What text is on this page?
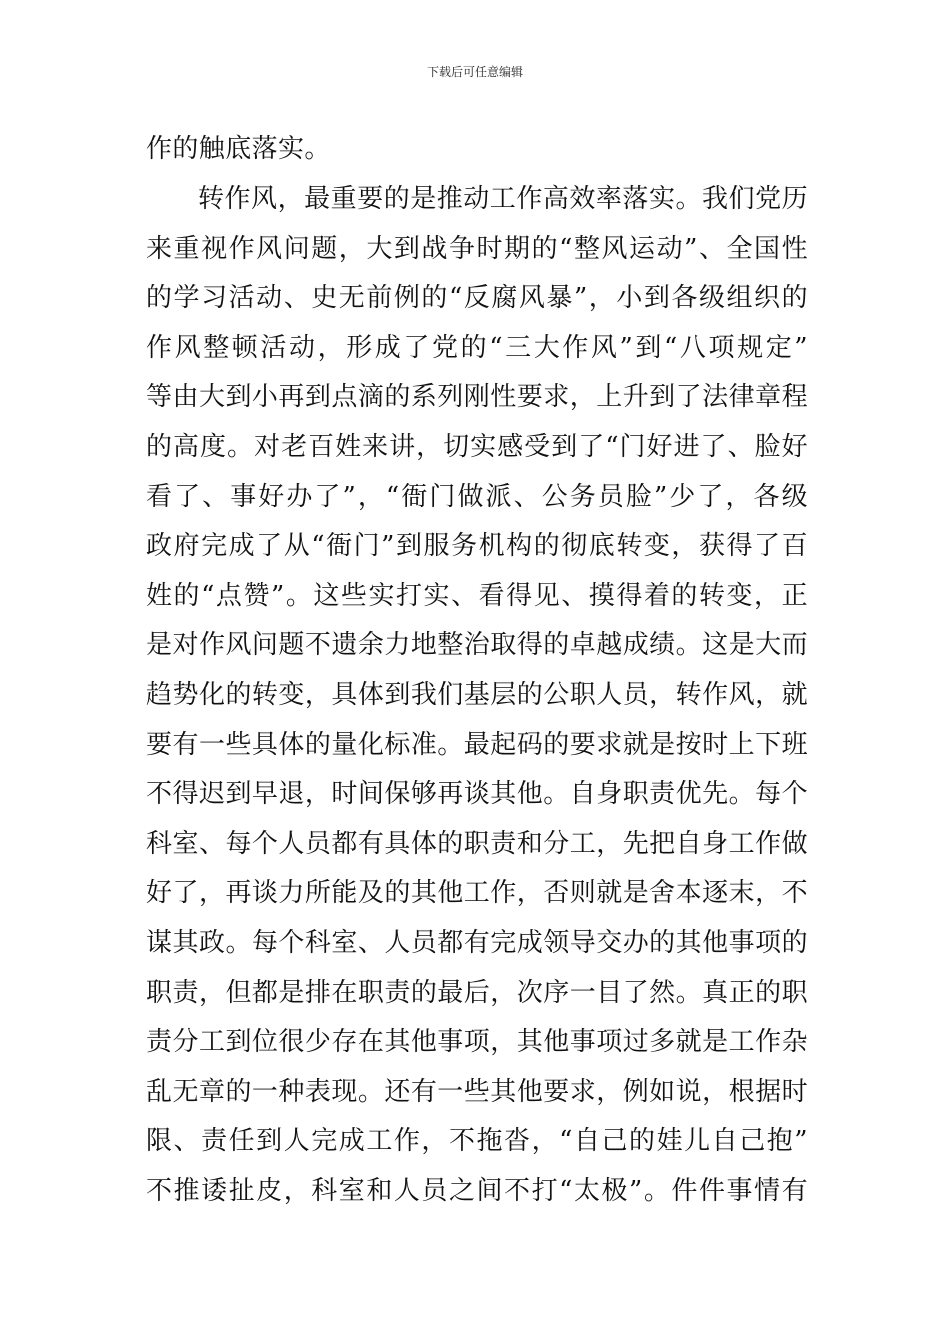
下载后可任意编辑
作的触底落实。
转作风，最重要的是推动工作高效率落实。我们党历
来重视作风问题，大到战争时期的“整风运动”、全国性
的学习活动、史无前例的“反腐风暴”，小到各级组织的
作风整顿活动，形成了党的“三大作风”到“八项规定”
等由大到小再到点滴的系列刚性要求，上升到了法律章程
的高度。对老百姓来讲，切实感受到了“门好进了、脸好
看了、事好办了”，“衙门做派、公务员脸”少了，各级
政府完成了从“衙门”到服务机构的彻底转变，获得了百
姓的“点赞”。这些实打实、看得见、摸得着的转变，正
是对作风问题不遗余力地整治取得的卓越成绩。这是大而
趋势化的转变，具体到我们基层的公职人员，转作风，就
要有一些具体的量化标准。最起码的要求就是按时上下班
不得迟到早退，时间保够再谈其他。自身职责优先。每个
科室、每个人员都有具体的职责和分工，先把自身工作做
好了，再谈力所能及的其他工作，否则就是舍本逐末，不
谋其政。每个科室、人员都有完成领导交办的其他事项的
职责，但都是排在职责的最后，次序一目了然。真正的职
责分工到位很少存在其他事项，其他事项过多就是工作杂
乱无章的一种表现。还有一些其他要求，例如说，根据时
限、责任到人完成工作，不拖沓，“自己的娃儿自己抱”
不推诿扯皮，科室和人员之间不打“太极”。件件事情有
